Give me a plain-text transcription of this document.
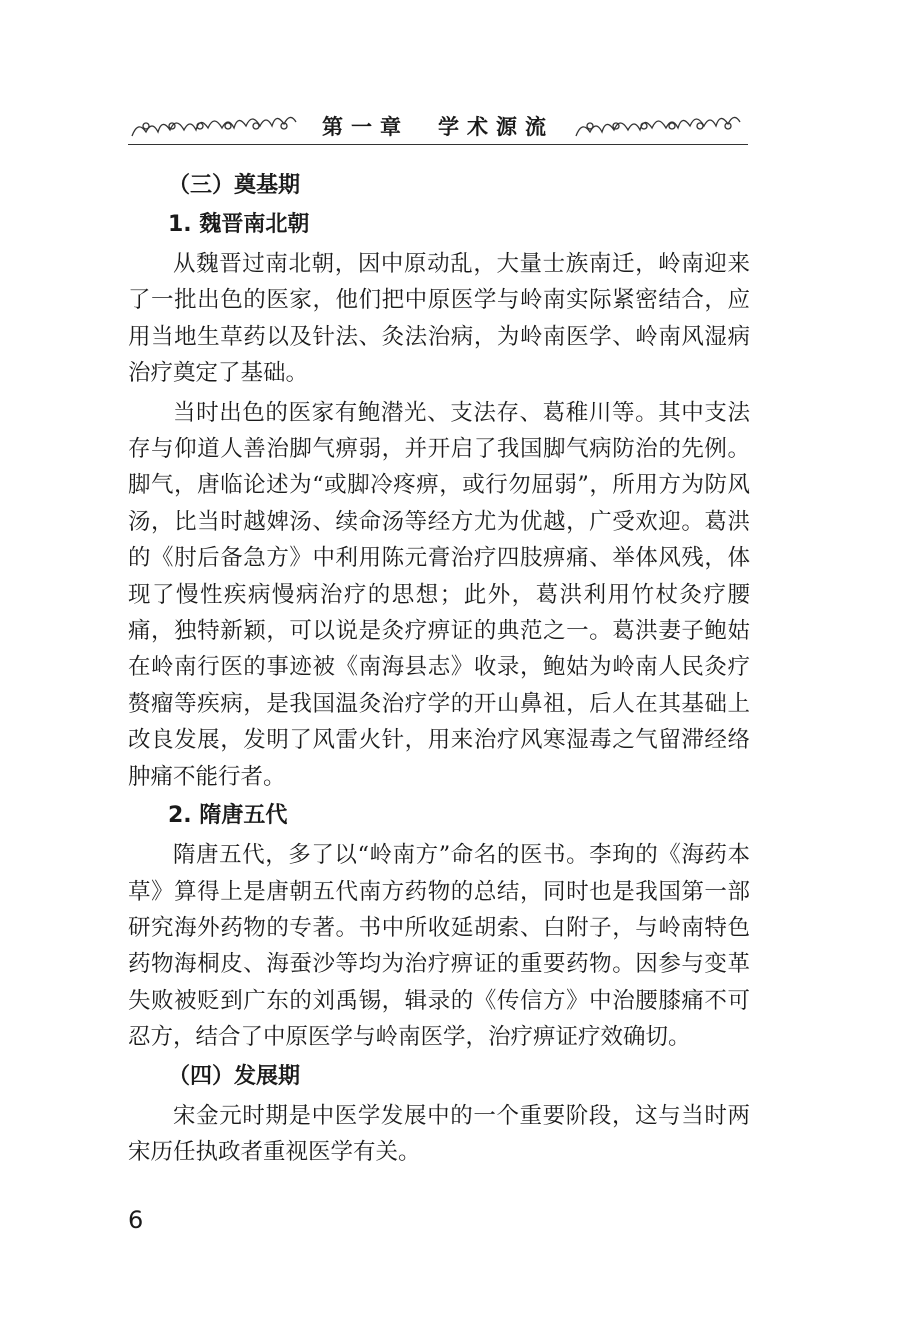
第一章　学术源流
（三）奠基期
1. 魏晋南北朝

从魏晋过南北朝，因中原动乱，大量士族南迁，岭南迎来了一批出色的医家，他们把中原医学与岭南实际紧密结合，应用当地生草药以及针法、灸法治病，为岭南医学、岭南风湿病治疗奠定了基础。

当时出色的医家有鲍潜光、支法存、葛稚川等。其中支法存与仰道人善治脚气痹弱，并开启了我国脚气病防治的先例。脚气，唐临论述为“或脚冷疼痹，或行勿屈弱”，所用方为防风汤，比当时越婢汤、续命汤等经方尤为优越，广受欢迎。葛洪的《肘后备急方》中利用陈元膏治疗四肢痹痛、举体风残，体现了慢性疾病慢病治疗的思想；此外，葛洪利用竹杖灸疗腰痛，独特新颖，可以说是灸疗痹证的典范之一。葛洪妻子鲍姑在岭南行医的事迹被《南海县志》收录，鲍姑为岭南人民灸疗赘瘤等疾病，是我国温灸治疗学的开山鼻祖，后人在其基础上改良发展，发明了风雷火针，用来治疗风寒湿毒之气留滞经络肿痛不能行者。

2. 隋唐五代

隋唐五代，多了以“岭南方”命名的医书。李珣的《海药本草》算得上是唐朝五代南方药物的总结，同时也是我国第一部研究海外药物的专著。书中所收延胡索、白附子，与岭南特色药物海桐皮、海蚕沙等均为治疗痹证的重要药物。因参与变革失败被贬到广东的刘禹锡，辑录的《传信方》中治腰膝痛不可忍方，结合了中原医学与岭南医学，治疗痹证疗效确切。

（四）发展期

宋金元时期是中医学发展中的一个重要阶段，这与当时两宋历任执政者重视医学有关。

6
